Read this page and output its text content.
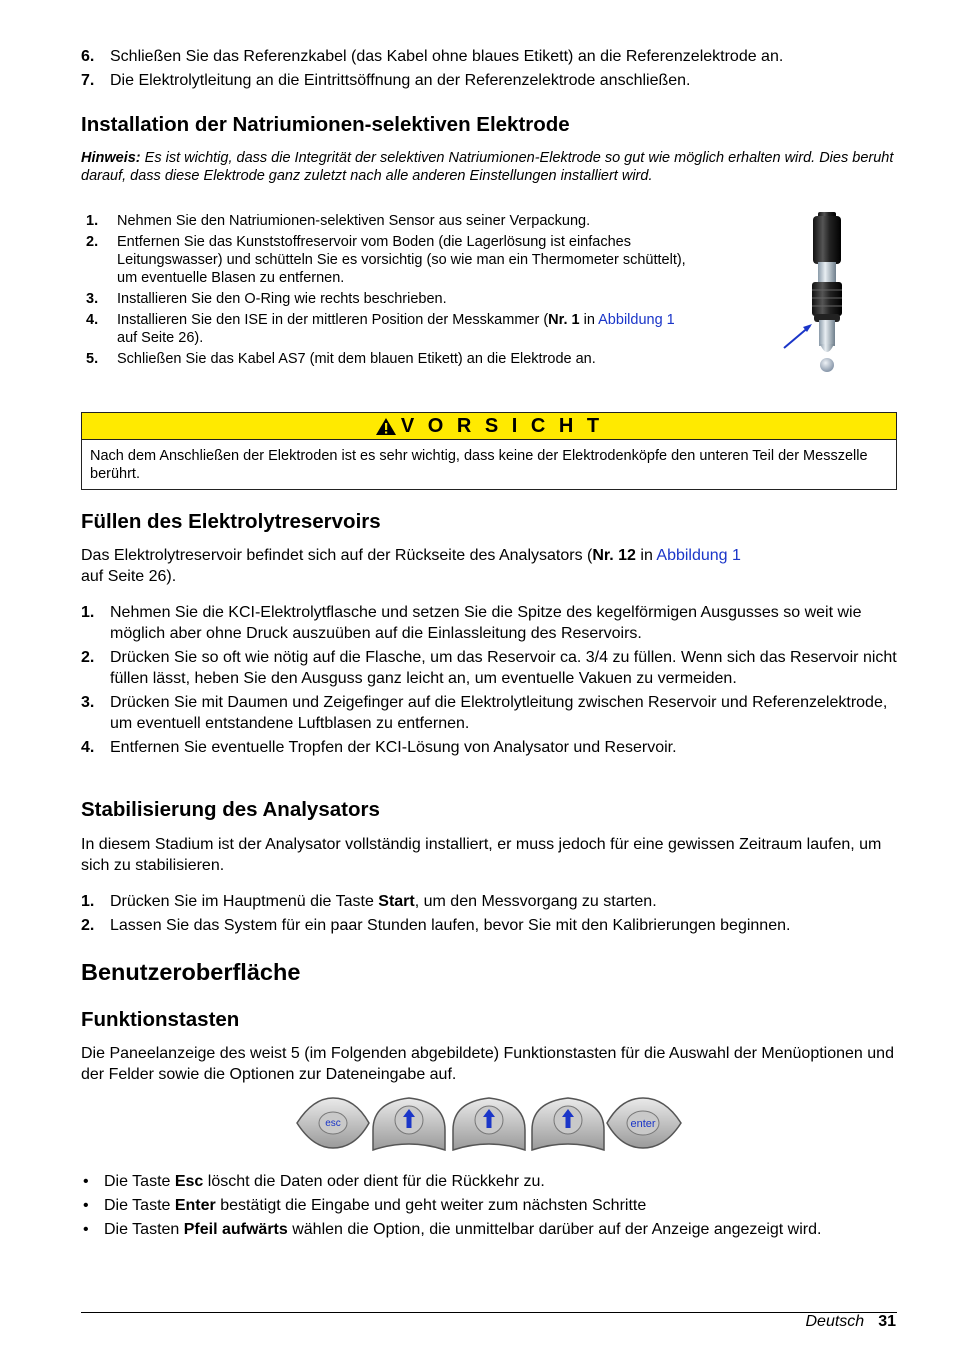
6. Schließen Sie das Referenzkabel (das Kabel ohne blaues Etikett) an die Referenzelektrode an.
7. Die Elektrolytleitung an die Eintrittsöffnung an der Referenzelektrode anschließen.
Installation der Natriumionen-selektiven Elektrode
Hinweis: Es ist wichtig, dass die Integrität der selektiven Natriumionen-Elektrode so gut wie möglich erhalten wird. Dies beruht darauf, dass diese Elektrode ganz zuletzt nach alle anderen Einstellungen installiert wird.
1.	Nehmen Sie den Natriumionen-selektiven Sensor aus seiner Verpackung.
2.	Entfernen Sie das Kunststoffreservoir vom Boden (die Lagerlösung ist einfaches Leitungswasser) und schütteln Sie es vorsichtig (so wie man ein Thermometer schüttelt), um eventuelle Blasen zu entfernen.
3.	Installieren Sie den O-Ring wie rechts beschrieben.
4.	Installieren Sie den ISE in der mittleren Position der Messkammer (Nr. 1 in Abbildung 1 auf Seite 26).
5.	Schließen Sie das Kabel AS7 (mit dem blauen Etikett) an die Elektrode an.
V O R S I C H T
Nach dem Anschließen der Elektroden ist es sehr wichtig, dass keine der Elektrodenköpfe den unteren Teil der Messzelle berührt.
Füllen des Elektrolytreservoirs
Das Elektrolytreservoir befindet sich auf der Rückseite des Analysators (Nr. 12 in Abbildung 1
auf Seite 26).
1. Nehmen Sie die KCI-Elektrolytflasche und setzen Sie die Spitze des kegelförmigen Ausgusses so weit wie möglich aber ohne Druck auszuüben auf die Einlassleitung des Reservoirs.
2. Drücken Sie so oft wie nötig auf die Flasche, um das Reservoir ca. 3/4 zu füllen. Wenn sich das Reservoir nicht füllen lässt, heben Sie den Ausguss ganz leicht an, um eventuelle Vakuen zu vermeiden.
3. Drücken Sie mit Daumen und Zeigefinger auf die Elektrolytleitung zwischen Reservoir und Referenzelektrode, um eventuell entstandene Luftblasen zu entfernen.
4. Entfernen Sie eventuelle Tropfen der KCI-Lösung von Analysator und Reservoir.
Stabilisierung des Analysators
In diesem Stadium ist der Analysator vollständig installiert, er muss jedoch für eine gewissen Zeitraum laufen, um sich zu stabilisieren.
1. Drücken Sie im Hauptmenü die Taste Start, um den Messvorgang zu starten.
2. Lassen Sie das System für ein paar Stunden laufen, bevor Sie mit den Kalibrierungen beginnen.
Benutzeroberfläche
Funktionstasten
Die Paneelanzeige des weist 5 (im Folgenden abgebildete) Funktionstasten für die Auswahl der Menüoptionen und der Felder sowie die Optionen zur Dateneingabe auf.
esc	enter
• Die Taste Esc löscht die Daten oder dient für die Rückkehr zu.
• Die Taste Enter bestätigt die Eingabe und geht weiter zum nächsten Schritte
• Die Tasten Pfeil aufwärts wählen die Option, die unmittelbar darüber auf der Anzeige angezeigt wird.
Deutsch 31
